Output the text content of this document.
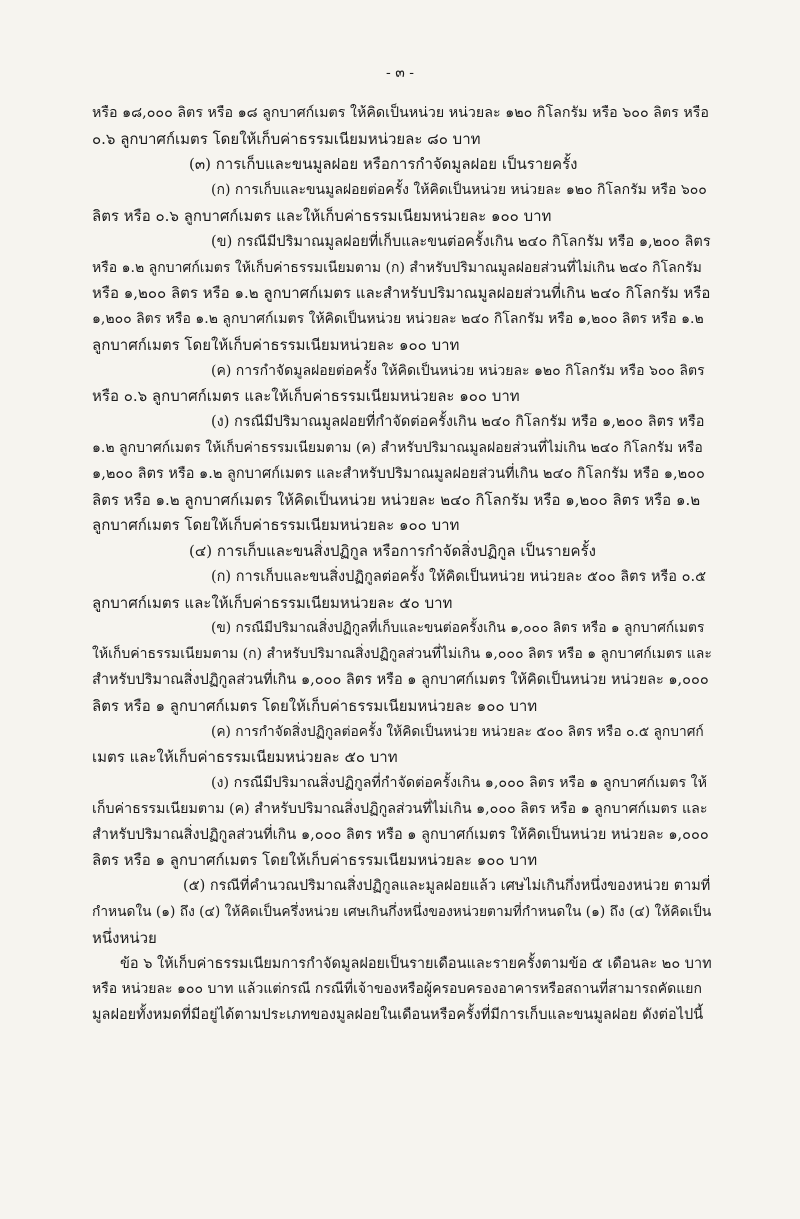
- ๓ -
หรือ ๑๘,๐๐๐ ลิตร หรือ ๑๘ ลูกบาศก์เมตร ให้คิดเป็นหน่วย หน่วยละ ๑๒๐ กิโลกรัม หรือ ๖๐๐ ลิตร หรือ
๐.๖ ลูกบาศก์เมตร โดยให้เก็บค่าธรรมเนียมหน่วยละ ๘๐ บาท
(๓) การเก็บและขนมูลฝอย หรือการกำจัดมูลฝอย เป็นรายครั้ง
(ก) การเก็บและขนมูลฝอยต่อครั้ง ให้คิดเป็นหน่วย หน่วยละ ๑๒๐ กิโลกรัม หรือ ๖๐๐
ลิตร หรือ ๐.๖ ลูกบาศก์เมตร และให้เก็บค่าธรรมเนียมหน่วยละ ๑๐๐ บาท
(ข) กรณีมีปริมาณมูลฝอยที่เก็บและขนต่อครั้งเกิน ๒๔๐ กิโลกรัม หรือ ๑,๒๐๐ ลิตร
หรือ ๑.๒ ลูกบาศก์เมตร ให้เก็บค่าธรรมเนียมตาม (ก) สำหรับปริมาณมูลฝอยส่วนที่ไม่เกิน ๒๔๐ กิโลกรัม
หรือ ๑,๒๐๐ ลิตร หรือ ๑.๒ ลูกบาศก์เมตร และสำหรับปริมาณมูลฝอยส่วนที่เกิน ๒๔๐ กิโลกรัม หรือ
๑,๒๐๐ ลิตร หรือ ๑.๒ ลูกบาศก์เมตร ให้คิดเป็นหน่วย หน่วยละ ๒๔๐ กิโลกรัม หรือ ๑,๒๐๐ ลิตร หรือ ๑.๒
ลูกบาศก์เมตร โดยให้เก็บค่าธรรมเนียมหน่วยละ ๑๐๐ บาท
(ค) การกำจัดมูลฝอยต่อครั้ง ให้คิดเป็นหน่วย หน่วยละ ๑๒๐ กิโลกรัม หรือ ๖๐๐ ลิตร
หรือ ๐.๖ ลูกบาศก์เมตร และให้เก็บค่าธรรมเนียมหน่วยละ ๑๐๐ บาท
(ง) กรณีมีปริมาณมูลฝอยที่กำจัดต่อครั้งเกิน ๒๔๐ กิโลกรัม หรือ ๑,๒๐๐ ลิตร หรือ
๑.๒ ลูกบาศก์เมตร ให้เก็บค่าธรรมเนียมตาม (ค) สำหรับปริมาณมูลฝอยส่วนที่ไม่เกิน ๒๔๐ กิโลกรัม หรือ
๑,๒๐๐ ลิตร หรือ ๑.๒ ลูกบาศก์เมตร และสำหรับปริมาณมูลฝอยส่วนที่เกิน ๒๔๐ กิโลกรัม หรือ ๑,๒๐๐
ลิตร หรือ ๑.๒ ลูกบาศก์เมตร ให้คิดเป็นหน่วย หน่วยละ ๒๔๐ กิโลกรัม หรือ ๑,๒๐๐ ลิตร หรือ ๑.๒
ลูกบาศก์เมตร โดยให้เก็บค่าธรรมเนียมหน่วยละ ๑๐๐ บาท
(๔) การเก็บและขนสิ่งปฏิกูล หรือการกำจัดสิ่งปฏิกูล เป็นรายครั้ง
(ก) การเก็บและขนสิ่งปฏิกูลต่อครั้ง ให้คิดเป็นหน่วย หน่วยละ ๕๐๐ ลิตร หรือ ๐.๕
ลูกบาศก์เมตร และให้เก็บค่าธรรมเนียมหน่วยละ ๕๐ บาท
(ข) กรณีมีปริมาณสิ่งปฏิกูลที่เก็บและขนต่อครั้งเกิน ๑,๐๐๐ ลิตร หรือ ๑ ลูกบาศก์เมตร
ให้เก็บค่าธรรมเนียมตาม (ก) สำหรับปริมาณสิ่งปฏิกูลส่วนที่ไม่เกิน ๑,๐๐๐ ลิตร หรือ ๑ ลูกบาศก์เมตร และ
สำหรับปริมาณสิ่งปฏิกูลส่วนที่เกิน ๑,๐๐๐ ลิตร หรือ ๑ ลูกบาศก์เมตร ให้คิดเป็นหน่วย หน่วยละ ๑,๐๐๐
ลิตร หรือ ๑ ลูกบาศก์เมตร โดยให้เก็บค่าธรรมเนียมหน่วยละ ๑๐๐ บาท
(ค) การกำจัดสิ่งปฏิกูลต่อครั้ง ให้คิดเป็นหน่วย หน่วยละ ๕๐๐ ลิตร หรือ ๐.๕ ลูกบาศก์
เมตร และให้เก็บค่าธรรมเนียมหน่วยละ ๕๐ บาท
(ง) กรณีมีปริมาณสิ่งปฏิกูลที่กำจัดต่อครั้งเกิน ๑,๐๐๐ ลิตร หรือ ๑ ลูกบาศก์เมตร ให้
เก็บค่าธรรมเนียมตาม (ค) สำหรับปริมาณสิ่งปฏิกูลส่วนที่ไม่เกิน ๑,๐๐๐ ลิตร หรือ ๑ ลูกบาศก์เมตร และ
สำหรับปริมาณสิ่งปฏิกูลส่วนที่เกิน ๑,๐๐๐ ลิตร หรือ ๑ ลูกบาศก์เมตร ให้คิดเป็นหน่วย หน่วยละ ๑,๐๐๐
ลิตร หรือ ๑ ลูกบาศก์เมตร โดยให้เก็บค่าธรรมเนียมหน่วยละ ๑๐๐ บาท
(๕) กรณีที่คำนวณปริมาณสิ่งปฏิกูลและมูลฝอยแล้ว เศษไม่เกินกึ่งหนึ่งของหน่วย ตามที่
กำหนดใน (๑) ถึง (๔) ให้คิดเป็นครึ่งหน่วย เศษเกินกึ่งหนึ่งของหน่วยตามที่กำหนดใน (๑) ถึง (๔) ให้คิดเป็น
หนึ่งหน่วย
ข้อ ๖ ให้เก็บค่าธรรมเนียมการกำจัดมูลฝอยเป็นรายเดือนและรายครั้งตามข้อ ๕ เดือนละ ๒๐ บาท
หรือ หน่วยละ ๑๐๐ บาท แล้วแต่กรณี กรณีที่เจ้าของหรือผู้ครอบครองอาคารหรือสถานที่สามารถคัดแยก
มูลฝอยทั้งหมดที่มีอยู่ได้ตามประเภทของมูลฝอยในเดือนหรือครั้งที่มีการเก็บและขนมูลฝอย ดังต่อไปนี้
